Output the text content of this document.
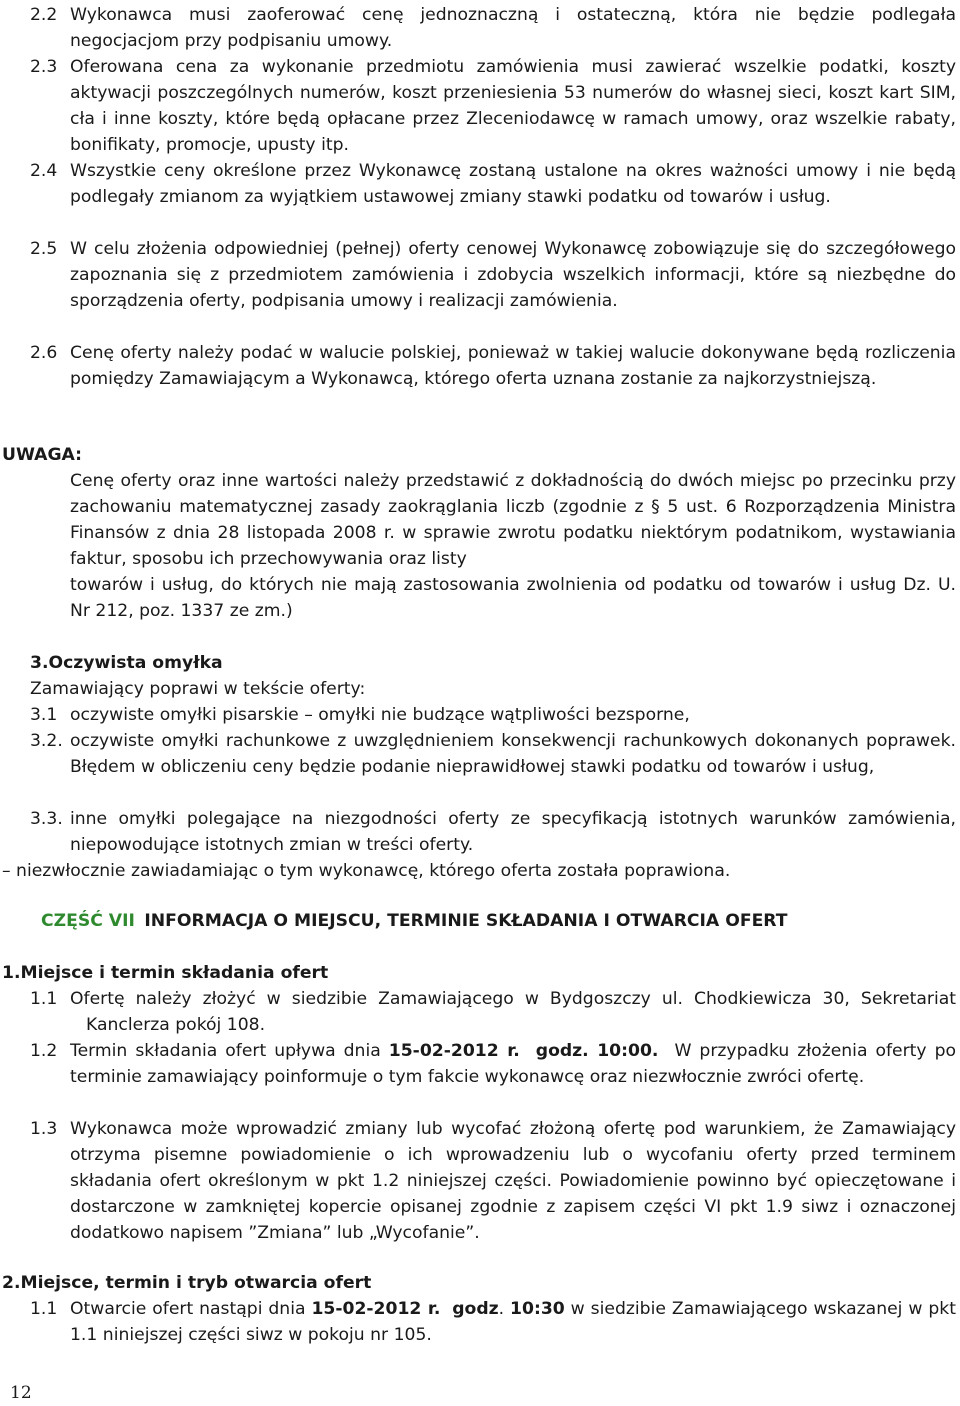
2.2 Wykonawca musi zaoferować cenę jednoznaczną i ostateczną, która nie będzie podlegała negocjacjom przy podpisaniu umowy.

2.3 Oferowana cena za wykonanie przedmiotu zamówienia musi zawierać wszelkie podatki, koszty aktywacji poszczególnych numerów, koszt przeniesienia 53 numerów do własnej sieci, koszt kart SIM, cła i inne koszty, które będą opłacane przez Zleceniodawcę w ramach umowy, oraz wszelkie rabaty, bonifikaty, promocje, upusty itp.

2.4 Wszystkie ceny określone przez Wykonawcę zostaną ustalone na okres ważności umowy i nie będą podlegały zmianom za wyjątkiem ustawowej zmiany stawki podatku od towarów i usług.

2.5 W celu złożenia odpowiedniej (pełnej) oferty cenowej Wykonawcę zobowiązuje się do szczegółowego zapoznania się z przedmiotem zamówienia i zdobycia wszelkich informacji, które są niezbędne do sporządzenia oferty, podpisania umowy i realizacji zamówienia.

2.6 Cenę oferty należy podać w walucie polskiej, ponieważ w takiej walucie dokonywane będą rozliczenia pomiędzy Zamawiającym a Wykonawcą, którego oferta uznana zostanie za najkorzystniejszą.

UWAGA:

Cenę oferty oraz inne wartości należy przedstawić z dokładnością do dwóch miejsc po przecinku przy zachowaniu matematycznej zasady zaokrąglania liczb (zgodnie z § 5 ust. 6 Rozporządzenia Ministra Finansów z dnia 28 listopada 2008 r. w sprawie zwrotu podatku niektórym podatnikom, wystawiania faktur, sposobu ich przechowywania oraz listy

towarów i usług, do których nie mają zastosowania zwolnienia od podatku od towarów i usług Dz. U. Nr 212, poz. 1337 ze zm.)

3.Oczywista omyłka
Zamawiający poprawi w tekście oferty:
3.1 oczywiste omyłki pisarskie – omyłki nie budzące wątpliwości bezsporne,

3.2. oczywiste omyłki rachunkowe z uwzględnieniem konsekwencji rachunkowych dokonanych poprawek. Błędem w obliczeniu ceny będzie podanie nieprawidłowej stawki podatku od towarów i usług,

3.3. inne omyłki polegające na niezgodności oferty ze specyfikacją istotnych warunków zamówienia, niepowodujące istotnych zmian w treści oferty.

– niezwłocznie zawiadamiając o tym wykonawcę, którego oferta została poprawiona.

CZĘŚĆ VII INFORMACJA O MIEJSCU, TERMINIE SKŁADANIA I OTWARCIA OFERT

1.Miejsce i termin składania ofert
1.1 Ofertę należy złożyć w siedzibie Zamawiającego w Bydgoszczy ul. Chodkiewicza 30, Sekretariat Kanclerza pokój 108.

1.2 Termin składania ofert upływa dnia 15-02-2012 r. godz. 10:00. W przypadku złożenia oferty po terminie zamawiający poinformuje o tym fakcie wykonawcę oraz niezwłocznie zwróci ofertę.

1.3 Wykonawca może wprowadzić zmiany lub wycofać złożoną ofertę pod warunkiem, że Zamawiający otrzyma pisemne powiadomienie o ich wprowadzeniu lub o wycofaniu oferty przed terminem składania ofert określonym w pkt 1.2 niniejszej części. Powiadomienie powinno być opieczętowane i dostarczone w zamkniętej kopercie opisanej zgodnie z zapisem części VI pkt 1.9 siwz i oznaczonej dodatkowo napisem ”Zmiana” lub „Wycofanie”.

2.Miejsce, termin i tryb otwarcia ofert
1.1 Otwarcie ofert nastąpi dnia 15-02-2012 r. godz. 10:30 w siedzibie Zamawiającego wskazanej w pkt 1.1 niniejszej części siwz w pokoju nr 105.

12
